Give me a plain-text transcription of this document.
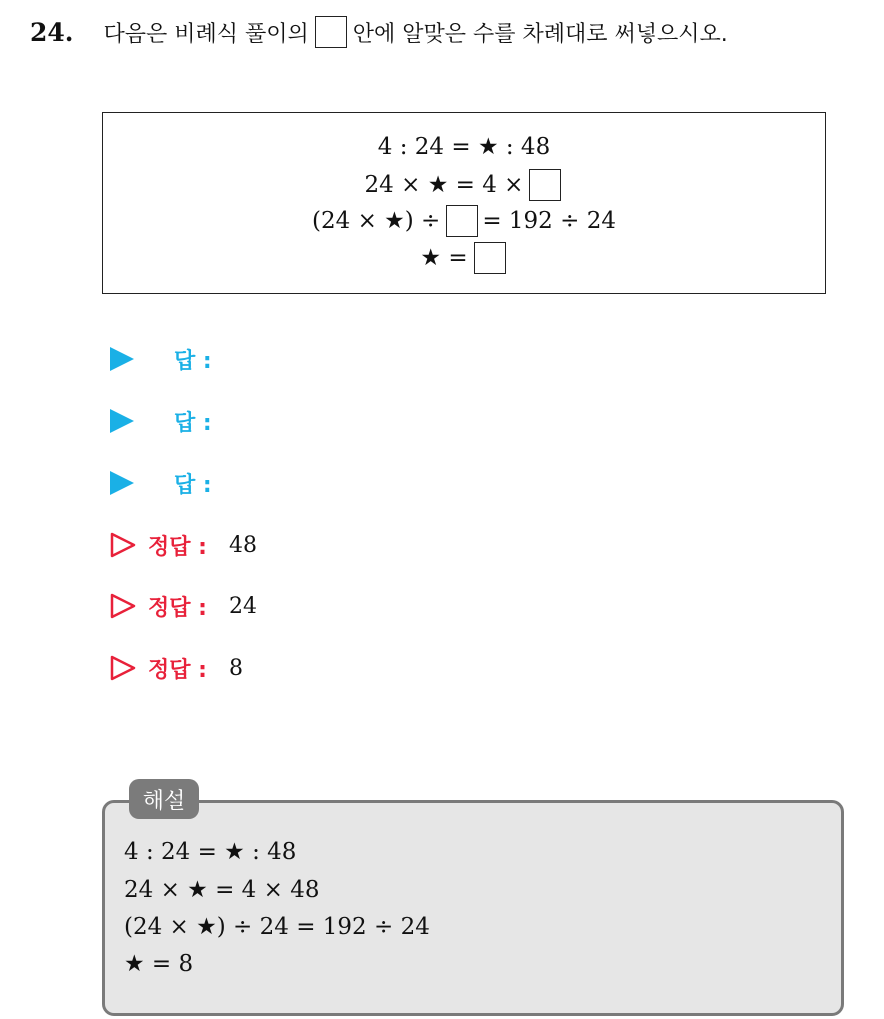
24. 다음은 비례식 풀이의 안에 알맞은 수를 차례대로 써넣으시오.
4 : 24 = ★ : 48
24 × ★ = 4 ×
(24 × ★) ÷ = 192 ÷ 24
★ =
답 :
답 :
답 :
정답 : 48
정답 : 24
정답 : 8
해설
4 : 24 = ★ : 48
24 × ★ = 4 × 48
(24 × ★) ÷ 24 = 192 ÷ 24
★ = 8
